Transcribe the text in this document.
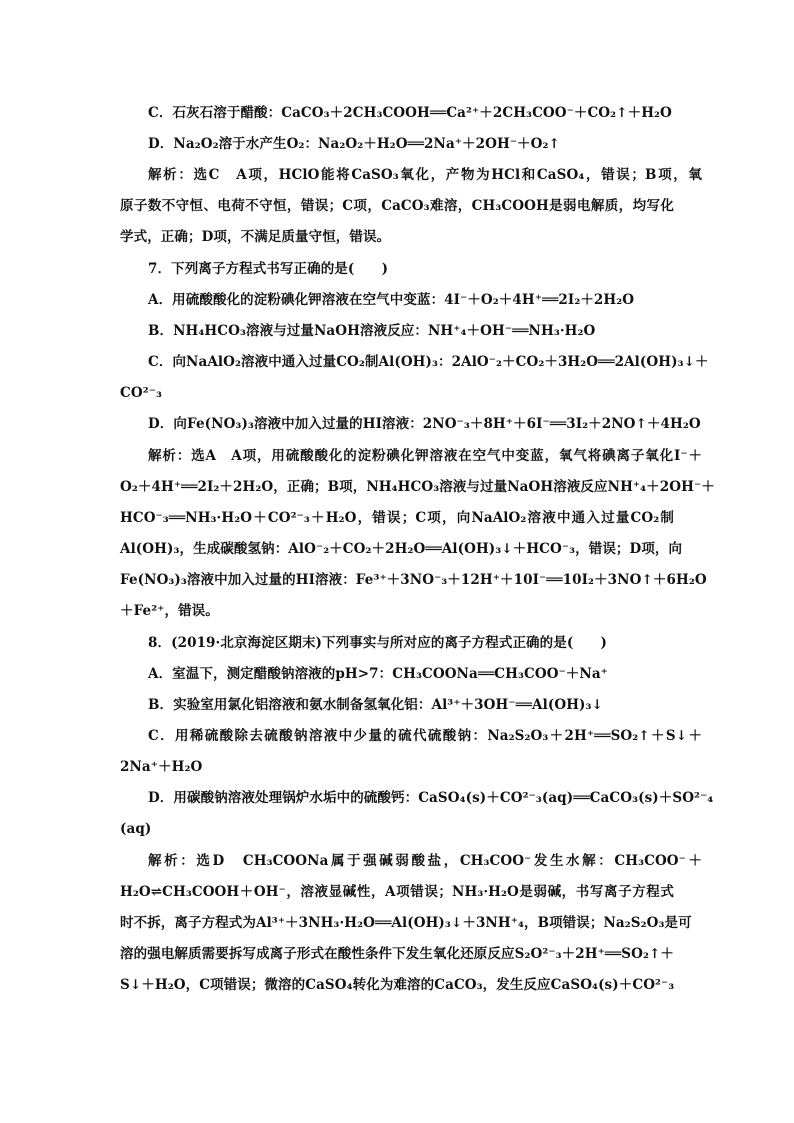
C．石灰石溶于醋酸：CaCO₃＋2CH₃COOH══Ca²⁺＋2CH₃COO⁻＋CO₂↑＋H₂O
D．Na₂O₂溶于水产生O₂：Na₂O₂＋H₂O══2Na⁺＋2OH⁻＋O₂↑
解析：选C　A项，HClO能将CaSO₃氧化，产物为HCl和CaSO₄，错误；B项，氧
原子数不守恒、电荷不守恒，错误；C项，CaCO₃难溶，CH₃COOH是弱电解质，均写化
学式，正确；D项，不满足质量守恒，错误。
7．下列离子方程式书写正确的是(　　)
A．用硫酸酸化的淀粉碘化钾溶液在空气中变蓝：4I⁻＋O₂＋4H⁺══2I₂＋2H₂O
B．NH₄HCO₃溶液与过量NaOH溶液反应：NH⁺₄＋OH⁻══NH₃·H₂O
C．向NaAlO₂溶液中通入过量CO₂制Al(OH)₃：2AlO⁻₂＋CO₂＋3H₂O══2Al(OH)₃↓＋
CO²⁻₃
D．向Fe(NO₃)₃溶液中加入过量的HI溶液：2NO⁻₃＋8H⁺＋6I⁻══3I₂＋2NO↑＋4H₂O
解析：选A　A项，用硫酸酸化的淀粉碘化钾溶液在空气中变蓝，氧气将碘离子氧化I⁻＋
O₂＋4H⁺══2I₂＋2H₂O，正确；B项，NH₄HCO₃溶液与过量NaOH溶液反应NH⁺₄＋2OH⁻＋
HCO⁻₃══NH₃·H₂O＋CO²⁻₃＋H₂O，错误；C项，向NaAlO₂溶液中通入过量CO₂制
Al(OH)₃，生成碳酸氢钠：AlO⁻₂＋CO₂＋2H₂O══Al(OH)₃↓＋HCO⁻₃，错误；D项，向
Fe(NO₃)₃溶液中加入过量的HI溶液：Fe³⁺＋3NO⁻₃＋12H⁺＋10I⁻══10I₂＋3NO↑＋6H₂O
＋Fe²⁺，错误。
8．(2019·北京海淀区期末)下列事实与所对应的离子方程式正确的是(　　)
A．室温下，测定醋酸钠溶液的pH>7：CH₃COONa══CH₃COO⁻＋Na⁺
B．实验室用氯化铝溶液和氨水制备氢氧化铝：Al³⁺＋3OH⁻══Al(OH)₃↓
C．用稀硫酸除去硫酸钠溶液中少量的硫代硫酸钠：Na₂S₂O₃＋2H⁺══SO₂↑＋S↓＋
2Na⁺＋H₂O
D．用碳酸钠溶液处理锅炉水垢中的硫酸钙：CaSO₄(s)＋CO²⁻₃(aq)══CaCO₃(s)＋SO²⁻₄
(aq)
解析：选D　CH₃COONa属于强碱弱酸盐，CH₃COO⁻发生水解：CH₃COO⁻＋
H₂O⇌CH₃COOH＋OH⁻，溶液显碱性，A项错误；NH₃·H₂O是弱碱，书写离子方程式
时不拆，离子方程式为Al³⁺＋3NH₃·H₂O══Al(OH)₃↓＋3NH⁺₄，B项错误；Na₂S₂O₃是可
溶的强电解质需要拆写成离子形式在酸性条件下发生氧化还原反应S₂O²⁻₃＋2H⁺══SO₂↑＋
S↓＋H₂O，C项错误；微溶的CaSO₄转化为难溶的CaCO₃，发生反应CaSO₄(s)＋CO²⁻₃
